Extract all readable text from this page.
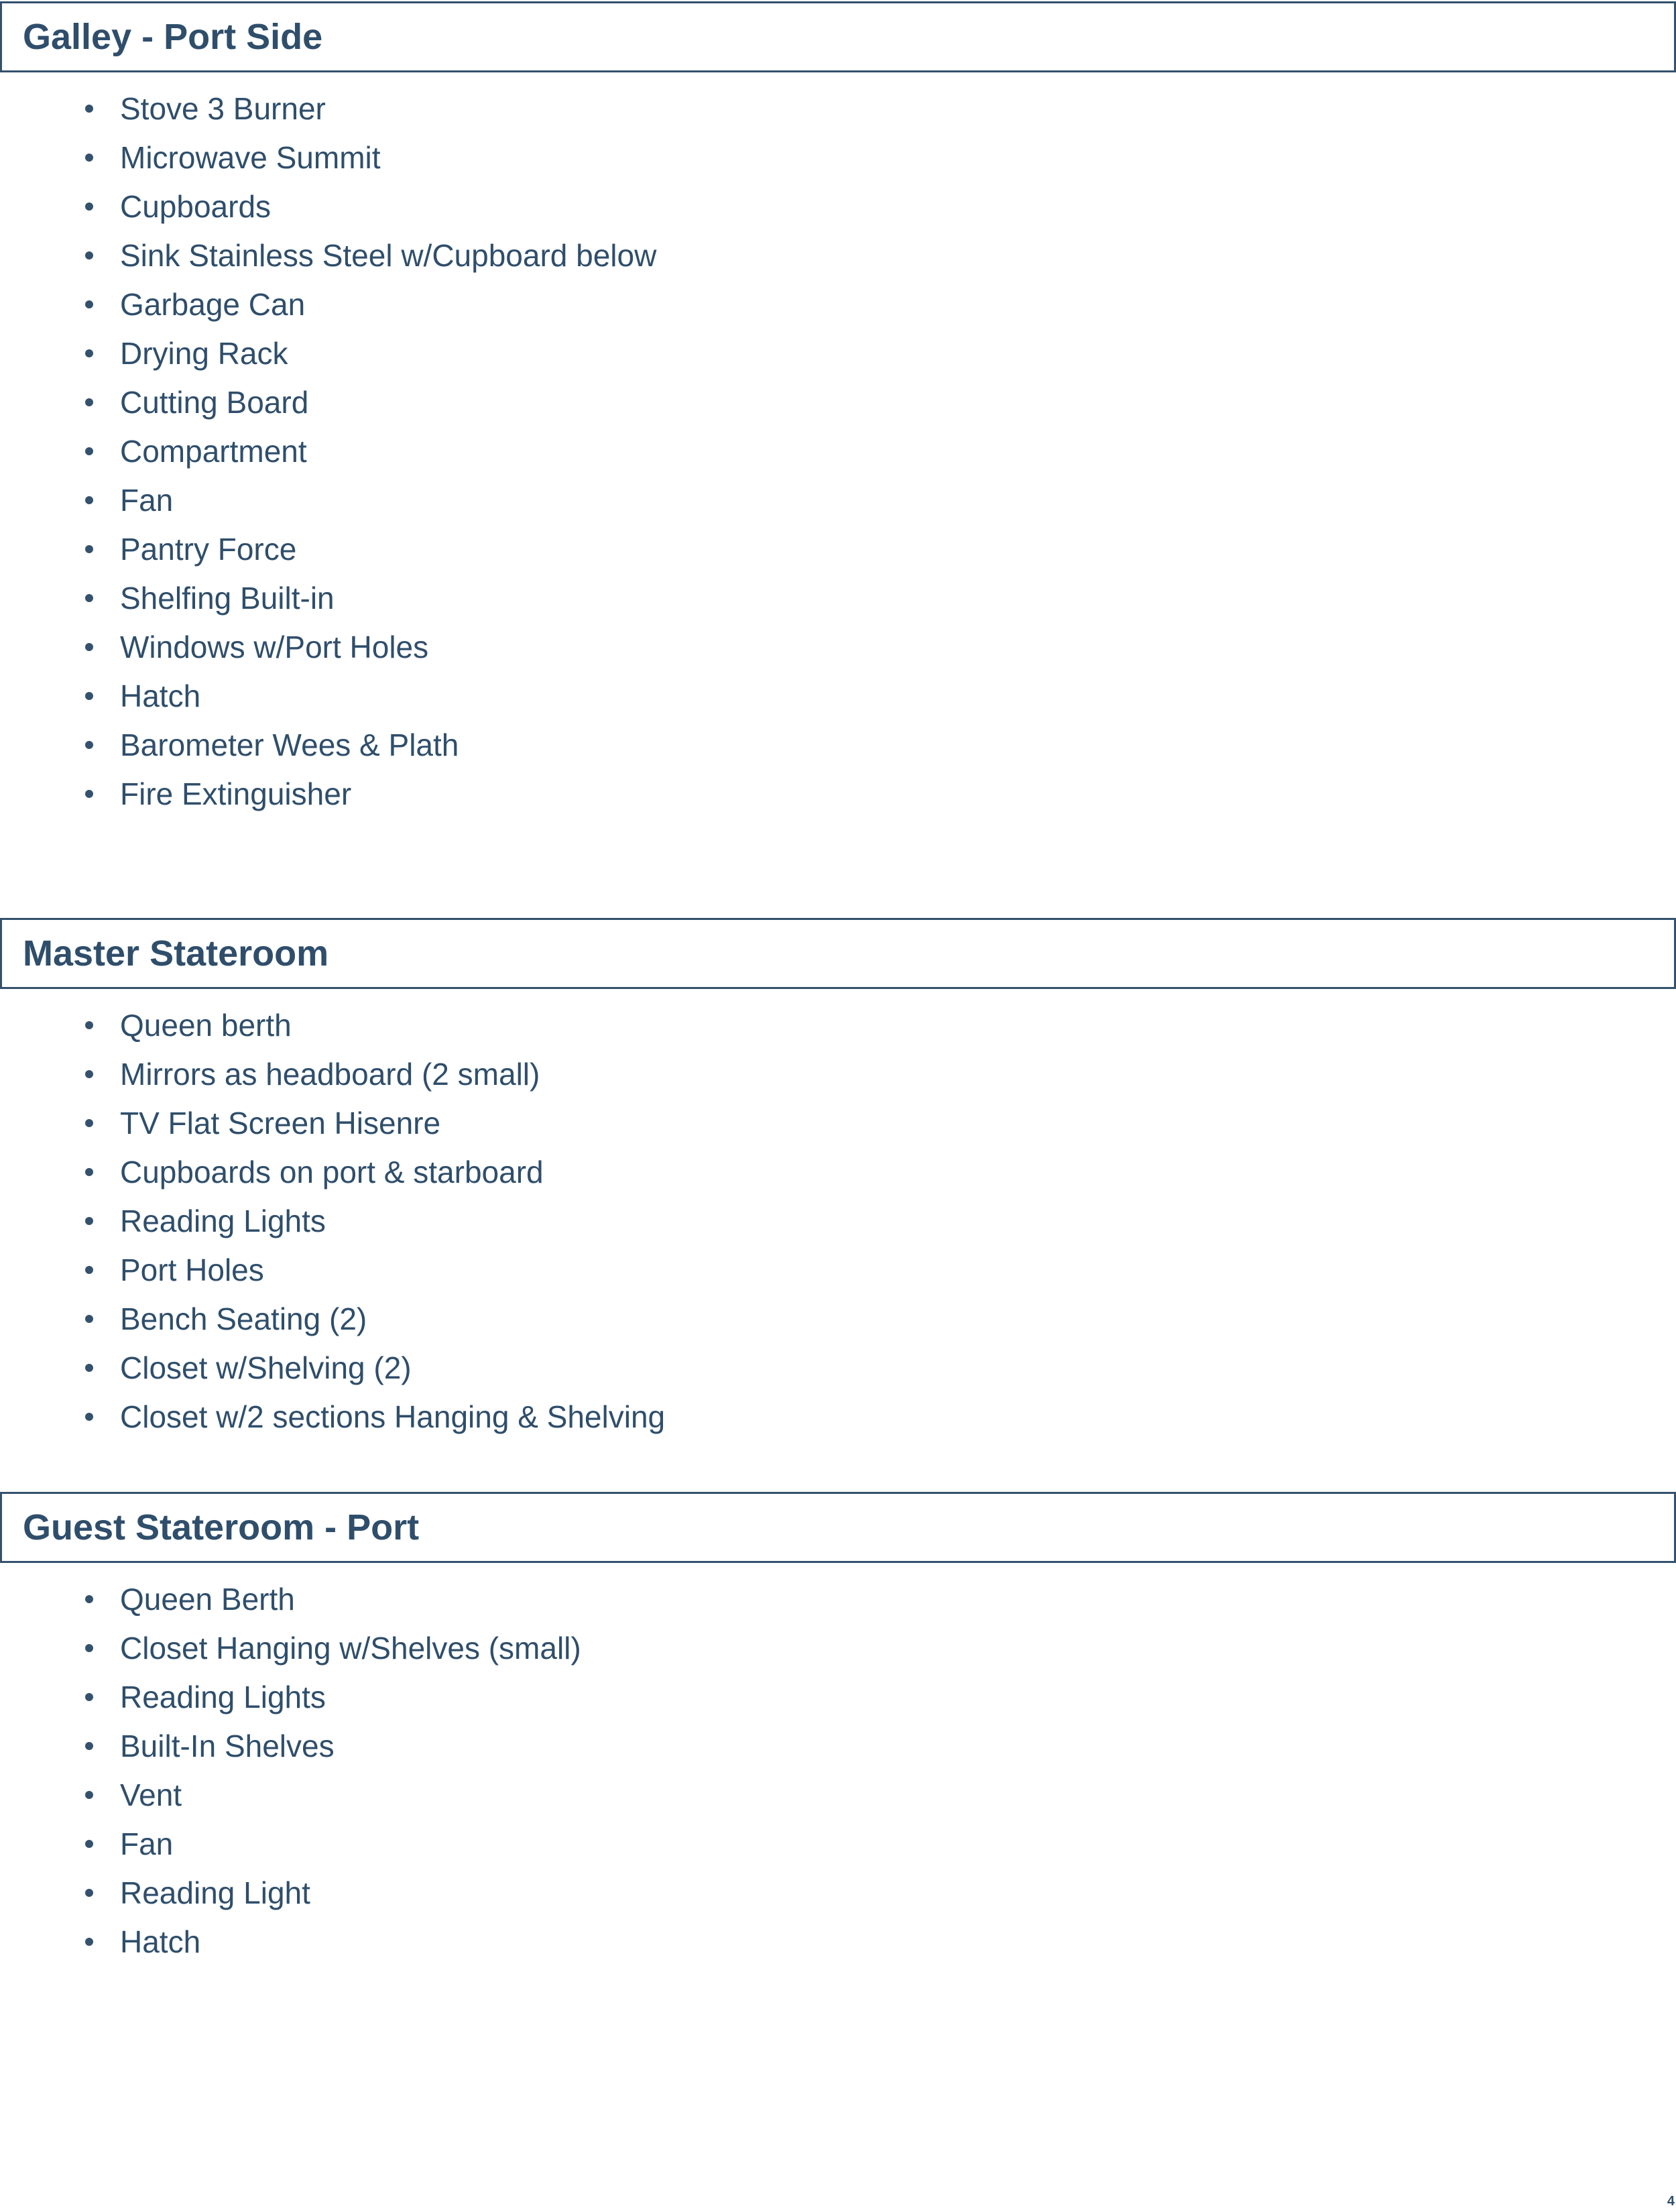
Galley - Port Side
Stove 3 Burner
Microwave Summit
Cupboards
Sink Stainless Steel w/Cupboard below
Garbage Can
Drying Rack
Cutting Board
Compartment
Fan
Pantry Force
Shelfing Built-in
Windows w/Port Holes
Hatch
Barometer Wees & Plath
Fire Extinguisher
Master Stateroom
Queen berth
Mirrors as headboard (2 small)
TV Flat Screen Hisenre
Cupboards on port & starboard
Reading Lights
Port Holes
Bench Seating (2)
Closet w/Shelving (2)
Closet w/2 sections Hanging & Shelving
Guest Stateroom - Port
Queen Berth
Closet Hanging w/Shelves (small)
Reading Lights
Built-In Shelves
Vent
Fan
Reading Light
Hatch
4
